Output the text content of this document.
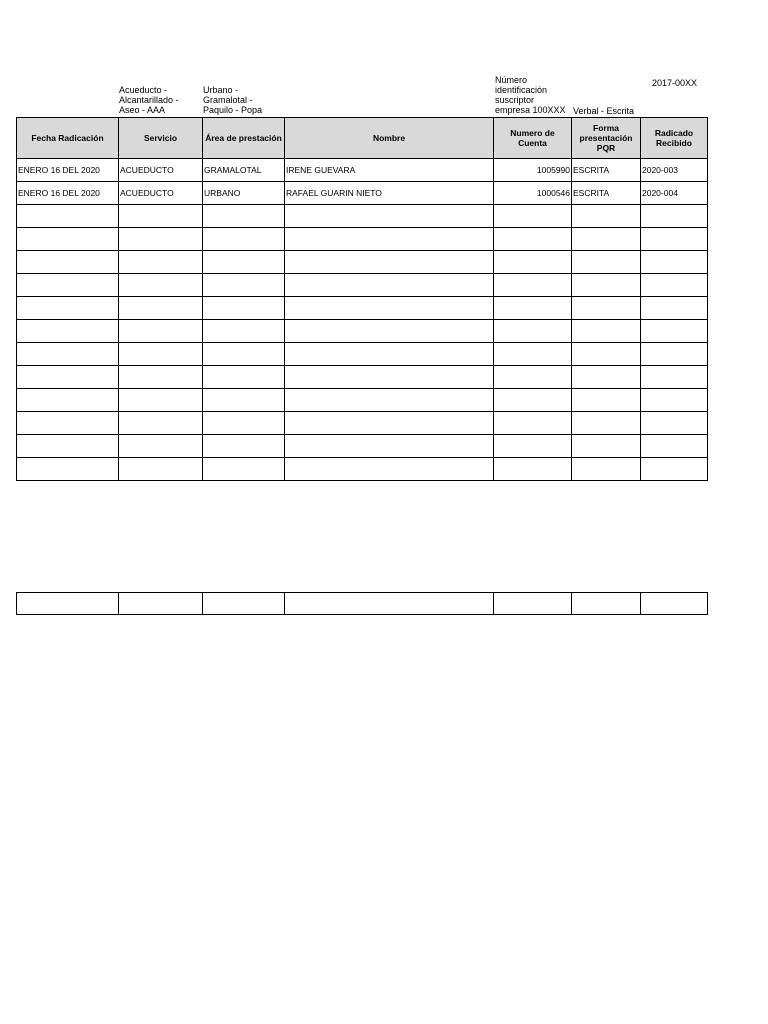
Acueducto -
Alcantarillado -
Aseo - AAA
Urbano -
Gramalotal -
Paquilo - Popa
Número
identificación
suscriptor
empresa 100XXX Verbal - Escrita
2017-00XX
Fecha Radicación	Servicio	Área de prestación	Nombre	Numero de Cuenta	Forma presentación PQR	Radicado Recibido
ENERO 16 DEL 2020	ACUEDUCTO	GRAMALOTAL	IRENE GUEVARA	1005990	ESCRITA	2020-003
ENERO 16 DEL 2020	ACUEDUCTO	URBANO	RAFAEL GUARIN NIETO	1000546	ESCRITA	2020-004
